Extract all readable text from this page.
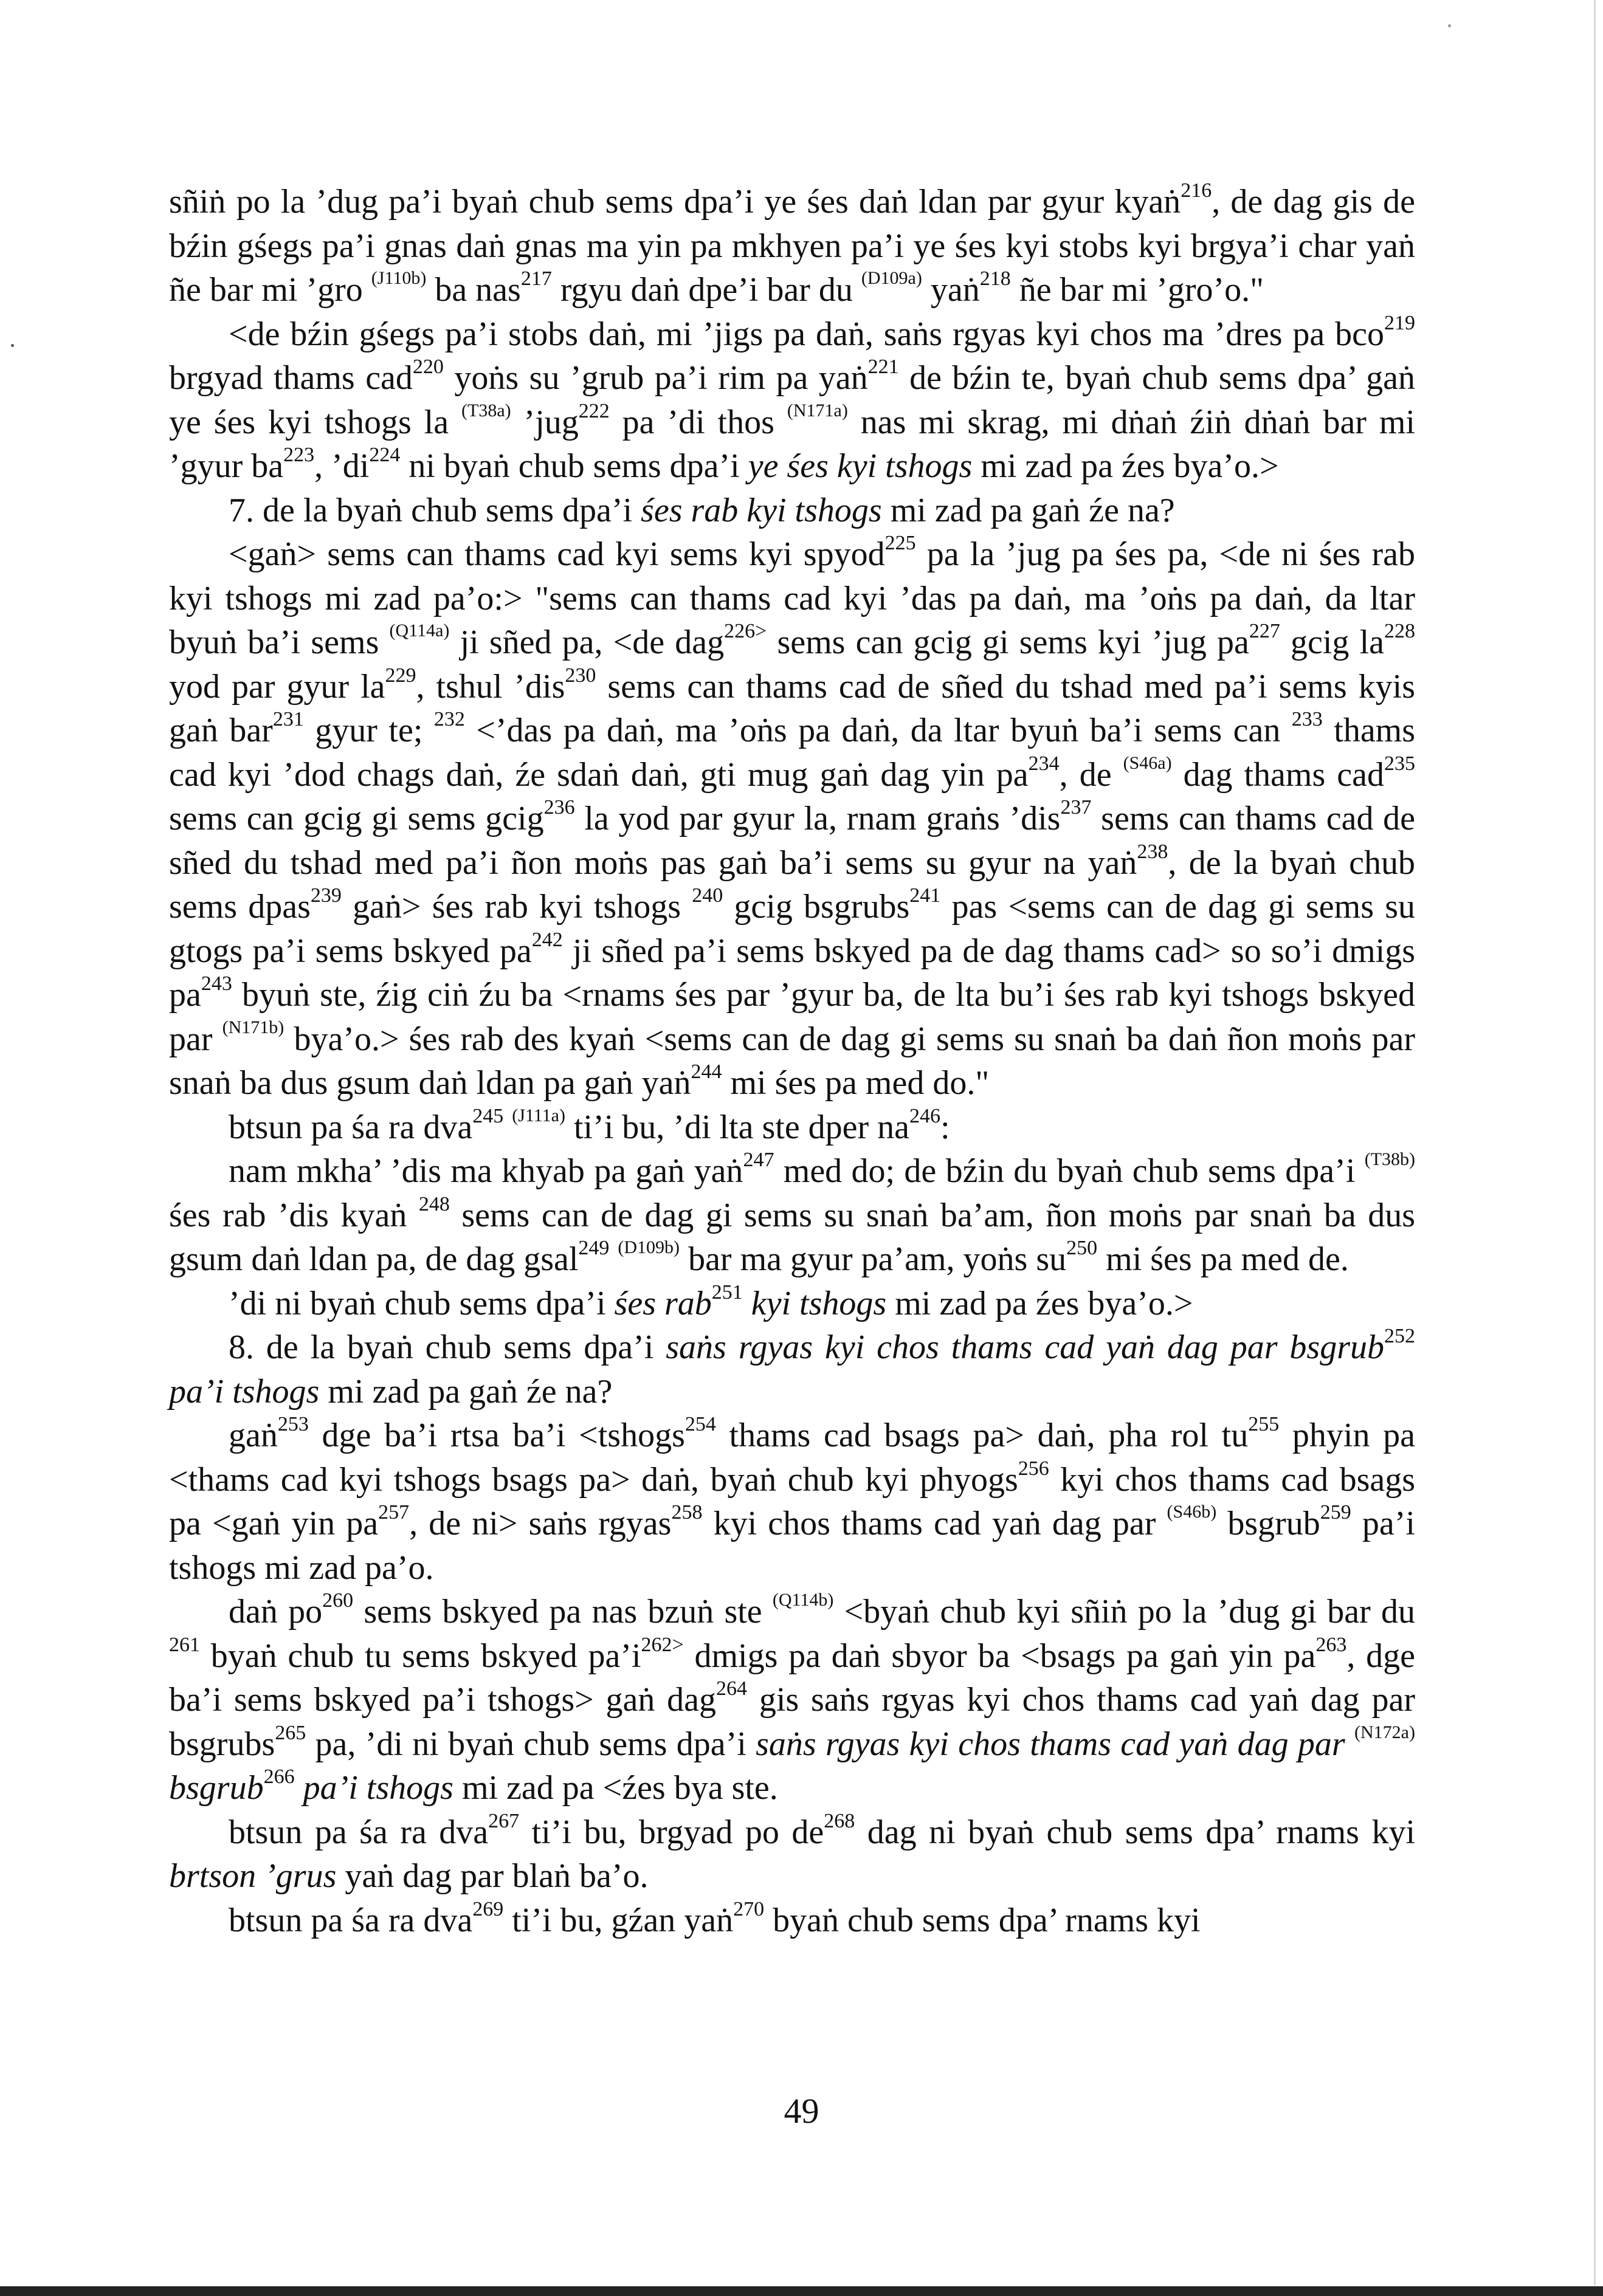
sñiṅ po la ’dug pa’i byaṅ chub sems dpa’i ye śes daṅ ldan par gyur kyaṅ$^{216}$, de dag gis de bźin gśegs pa’i gnas daṅ gnas ma yin pa mkhyen pa’i ye śes kyi stobs kyi brgya’i char yaṅ ñe bar mi ’gro $^{(J110b)}$ ba nas$^{217}$ rgyu daṅ dpe’i bar du $^{(D109a)}$ yaṅ$^{218}$ ñe bar mi ’gro’o."

<de bźin gśegs pa’i stobs daṅ, mi ’jigs pa daṅ, saṅs rgyas kyi chos ma ’dres pa bco$^{219}$ brgyad thams cad$^{220}$ yoṅs su ’grub pa’i rim pa yaṅ$^{221}$ de bźin te, byaṅ chub sems dpa’ gaṅ ye śes kyi tshogs la $^{(T38a)}$ ’jug$^{222}$ pa ’di thos $^{(N171a)}$ nas mi skrag, mi dṅaṅ źiṅ dṅaṅ bar mi ’gyur $ba^{223}$, $’di^{224}$ ni byaṅ chub sems dpa’i ye śes kyi tshogs mi zad pa źes bya’o.>

7. de la byaṅ chub sems dpa’i śes rab kyi tshogs mi zad pa gaṅ źe na?

<gaṅ> sems can thams cad kyi sems kyi spyod$^{225}$ pa la ’jug pa śes pa, <de ni śes rab kyi tshogs mi zad pa’o:> "sems can thams cad kyi ’das pa daṅ, ma ’oṅs pa daṅ, da ltar byuṅ ba’i sems $^{(Q114a)}$ ji sñed pa, <de dag$^{226>}$ sems can gcig gi sems kyi ’jug $pa^{227}$ gcig $la^{228}$ yod par gyur $la^{229}$, tshul ’dis$^{230}$ sems can thams cad de sñed du tshad med pa’i sems kyis gaṅ bar$^{231}$ gyur te; $^{232}$ <’das pa daṅ, ma ’oṅs pa daṅ, da ltar byuṅ ba’i sems can $^{233}$ thams cad kyi ’dod chags daṅ, źe sdaṅ daṅ, gti mug gaṅ dag yin $pa^{234}$, de $^{(S46a)}$ dag thams cad$^{235}$ sems can gcig gi sems gcig$^{236}$ la yod par gyur la, rnam graṅs ’dis$^{237}$ sems can thams cad de sñed du tshad med pa’i ñon moṅs pas gaṅ ba’i sems su gyur na yaṅ$^{238}$, de la byaṅ chub sems dpas$^{239}$ gaṅ> śes rab kyi tshogs $^{240}$ gcig bsgrubs$^{241}$ pas <sems can de dag gi sems su gtogs pa’i sems bskyed $pa^{242}$ ji sñed pa’i sems bskyed pa de dag thams cad> so so’i dmigs $pa^{243}$ byuṅ ste, źig ciṅ źu ba <rnams śes par ’gyur ba, de lta bu’i śes rab kyi tshogs bskyed par $^{(N171b)}$ bya’o.> śes rab des kyaṅ <sems can de dag gi sems su snaṅ ba daṅ ñon moṅs par snaṅ ba dus gsum daṅ ldan pa gaṅ yaṅ$^{244}$ mi śes pa med do."

btsun pa śa ra dva$^{245}$ $^{(J111a)}$ ti’i bu, ’di lta ste dper $na^{246}$:

nam mkha’ ’dis ma khyab pa gaṅ yaṅ$^{247}$ med do; de bźin du byaṅ chub sems dpa’i $^{(T38b)}$ śes rab ’dis kyaṅ $^{248}$ sems can de dag gi sems su snaṅ ba’am, ñon moṅs par snaṅ ba dus gsum daṅ ldan pa, de dag gsal$^{249}$ $^{(D109b)}$ bar ma gyur pa’am, yoṅs $su^{250}$ mi śes pa med de.

’di ni byaṅ chub sems dpa’i śes rab$^{251}$ kyi tshogs mi zad pa źes bya’o.>

8. de la byaṅ chub sems dpa’i saṅs rgyas kyi chos thams cad yaṅ dag par bsgrub$^{252}$ pa’i tshogs mi zad pa gaṅ źe na?

gaṅ$^{253}$ dge ba’i rtsa ba’i <tshogs$^{254}$ thams cad bsags pa> daṅ, pha rol $tu^{255}$ phyin pa <thams cad kyi tshogs bsags pa> daṅ, byaṅ chub kyi phyogs$^{256}$ kyi chos thams cad bsags pa <gaṅ yin $pa^{257}$, de ni> saṅs rgyas$^{258}$ kyi chos thams cad yaṅ dag par $^{(S46b)}$ bsgrub$^{259}$ pa’i tshogs mi zad pa’o.

daṅ $po^{260}$ sems bskyed pa nas bzuṅ ste $^{(Q114b)}$ <byaṅ chub kyi sñiṅ po la ’dug gi bar du $^{261}$ byaṅ chub tu sems bskyed $pa’i^{262>}$ dmigs pa daṅ sbyor ba <bsags pa gaṅ yin $pa^{263}$, dge ba’i sems bskyed pa’i tshogs> gaṅ dag$^{264}$ gis saṅs rgyas kyi chos thams cad yaṅ dag par bsgrubs$^{265}$ pa, ’di ni byaṅ chub sems dpa’i saṅs rgyas kyi chos thams cad yaṅ dag par $^{(N172a)}$ bsgrub$^{266}$ pa’i tshogs mi zad pa <źes bya ste.

btsun pa śa ra dva$^{267}$ ti’i bu, brgyad po $de^{268}$ dag ni byaṅ chub sems dpa’ rnams kyi brtson ’grus yaṅ dag par blaṅ ba’o.

btsun pa śa ra dva$^{269}$ ti’i bu, gźan yaṅ$^{270}$ byaṅ chub sems dpa’ rnams kyi

49
